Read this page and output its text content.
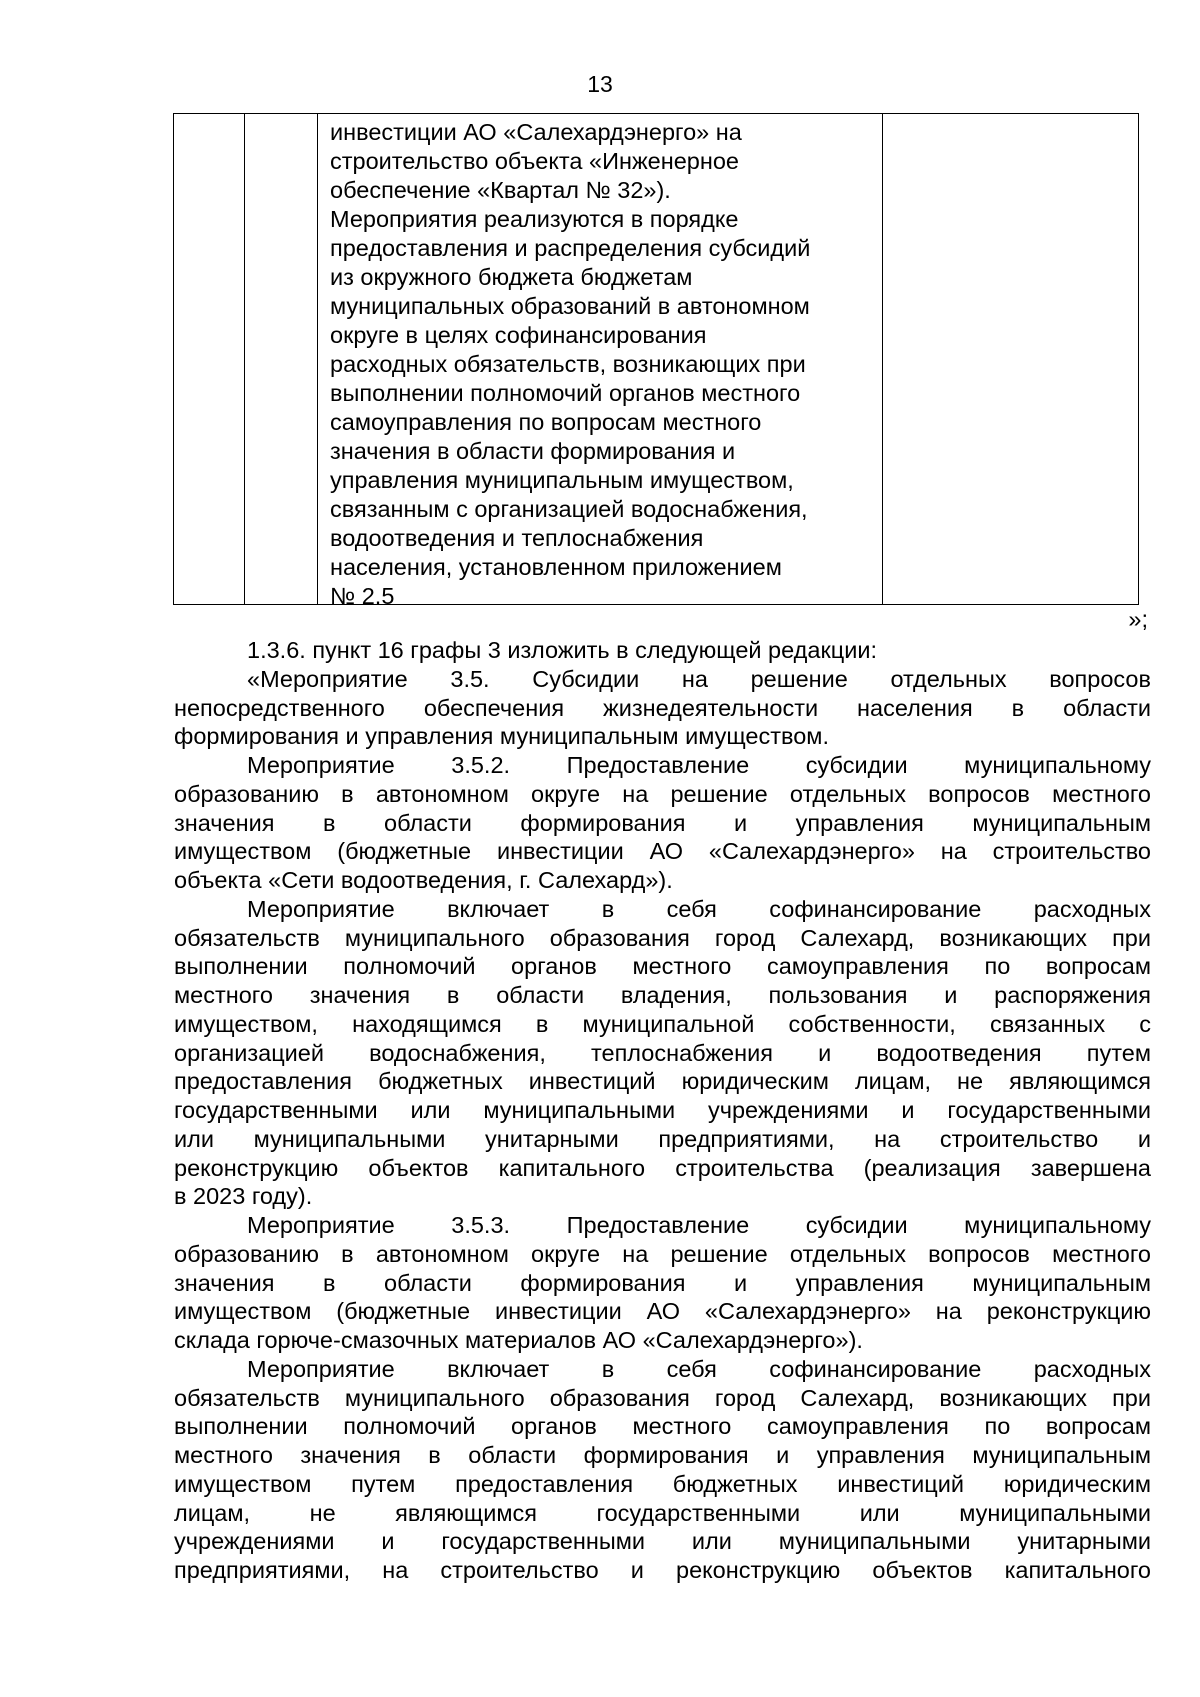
13
инвестиции АО «Салехардэнерго» на
строительство объекта «Инженерное
обеспечение «Квартал № 32»).
Мероприятия реализуются в порядке
предоставления и распределения субсидий
из окружного бюджета бюджетам
муниципальных образований в автономном
округе в целях софинансирования
расходных обязательств, возникающих при
выполнении полномочий органов местного
самоуправления по вопросам местного
значения в области формирования и
управления муниципальным имуществом,
связанным с организацией водоснабжения,
водоотведения и теплоснабжения
населения, установленном приложением
№ 2.5
»;
1.3.6. пункт 16 графы 3 изложить в следующей редакции:
«Мероприятие 3.5. Субсидии на решение отдельных вопросов
непосредственного обеспечения жизнедеятельности населения в области
формирования и управления муниципальным имуществом.
Мероприятие 3.5.2. Предоставление субсидии муниципальному
образованию в автономном округе на решение отдельных вопросов местного
значения в области формирования и управления муниципальным
имуществом (бюджетные инвестиции АО «Салехардэнерго» на строительство
объекта «Сети водоотведения, г. Салехард»).
Мероприятие включает в себя софинансирование расходных
обязательств муниципального образования город Салехард, возникающих при
выполнении полномочий органов местного самоуправления по вопросам
местного значения в области владения, пользования и распоряжения
имуществом, находящимся в муниципальной собственности, связанных с
организацией водоснабжения, теплоснабжения и водоотведения путем
предоставления бюджетных инвестиций юридическим лицам, не являющимся
государственными или муниципальными учреждениями и государственными
или муниципальными унитарными предприятиями, на строительство и
реконструкцию объектов капитального строительства (реализация завершена
в 2023 году).
Мероприятие 3.5.3. Предоставление субсидии муниципальному
образованию в автономном округе на решение отдельных вопросов местного
значения в области формирования и управления муниципальным
имуществом (бюджетные инвестиции АО «Салехардэнерго» на реконструкцию
склада горюче-смазочных материалов АО «Салехардэнерго»).
Мероприятие включает в себя софинансирование расходных
обязательств муниципального образования город Салехард, возникающих при
выполнении полномочий органов местного самоуправления по вопросам
местного значения в области формирования и управления муниципальным
имуществом путем предоставления бюджетных инвестиций юридическим
лицам, не являющимся государственными или муниципальными
учреждениями и государственными или муниципальными унитарными
предприятиями, на строительство и реконструкцию объектов капитального
